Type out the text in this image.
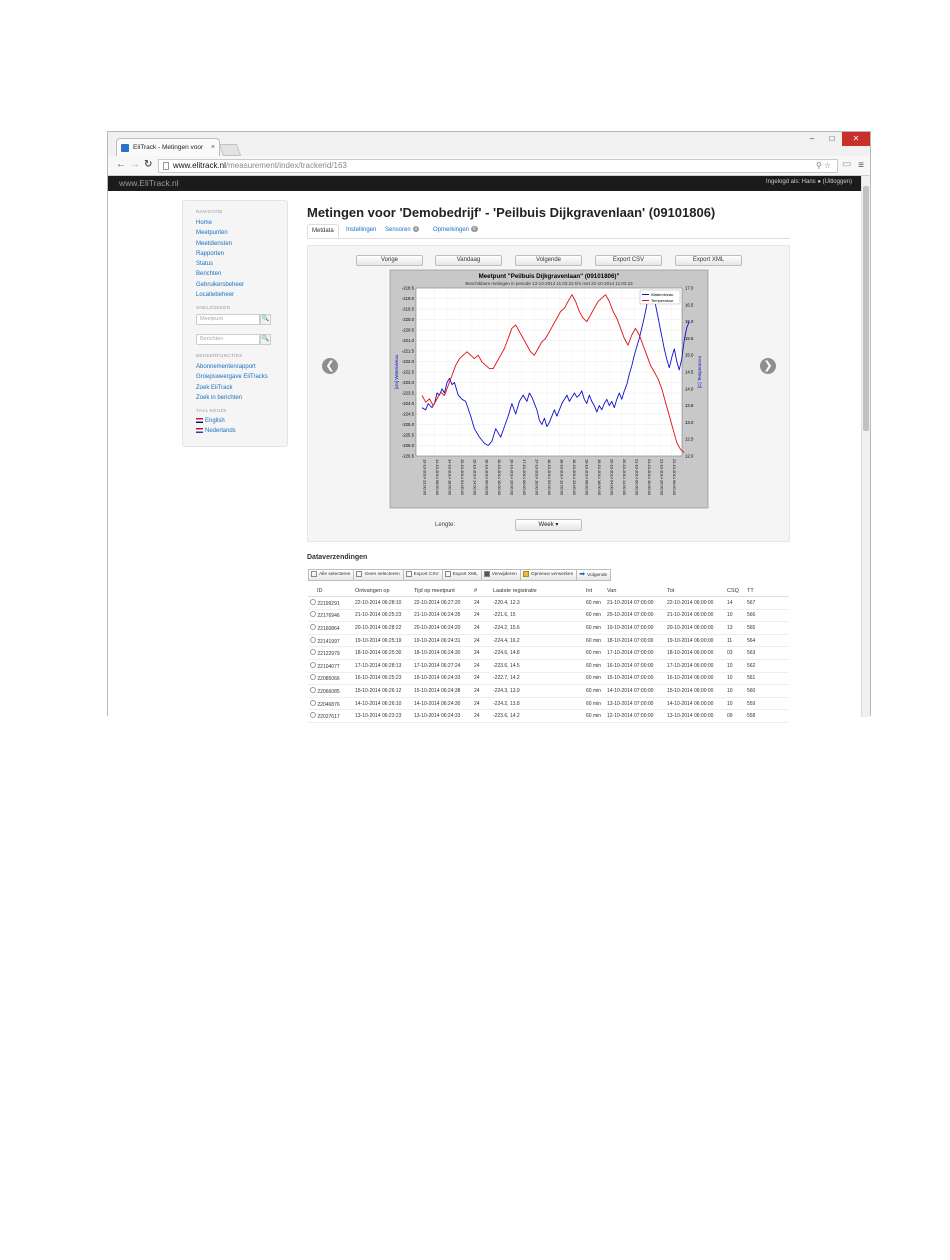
EliTrack - Metingen voor ×
–	□	✕
← → ↻	www.elitrack.nl/measurement/index/trackerid/163	⚲☆ ▭ ≡
www.EliTrack.nl	Ingelogd als: Hans ● (Uitloggen)
NAVIGATIE
Home
Meetpunten
Meetdiensten
Rapporten
Status
Berichten
Gebruikersbeheer
Locatiebeheer
SNELZOEKEN
Meetpunt	🔍
Berichten	🔍
BEHEERFUNCTIES
Abonnementenrapport
Groepsweergave EliTracks
Zoek EliTrack
Zoek in berichten
TAAL KEUZE
English
Nederlands
Metingen voor 'Demobedrijf' - 'Peilbuis Dijkgravenlaan' (09101806)
Metdata	Instellingen	Sensoren 2	Opmerkingen 0
Vorige	Vandaag	Volgende	Export CSV	Export XML
❮	❯
Meetpunt "Peilbuis Dijkgravenlaan" (09101806)"
Beschikbare metingen in periode 13-10-2014 11:03:23 t/m met 22-10-2014 11:03:23
[cm] Waterniveau	[C] Temperatuur
-218.5
-219.0
-219.5
-220.0
-220.5
-221.0
-221.5
-222.0
-222.5
-223.0
-223.5
-224.0
-224.5
-225.0
-225.5
-226.0
-226.5
17.0
16.5
16.0
15.5
15.0
14.5
14.0
13.5
13.0
12.5
12.0
13-10-2014 22:00:00 14-10-2014 08:00:00 14-10-2014 18:00:00 15-10-2014 04:00:00 15-10-2014 14:00:00 16-10-2014 00:00:00 16-10-2014 10:00:00 16-10-2014 20:00:00 17-10-2014 06:00:00 17-10-2014 16:00:00 18-10-2014 02:00:00 18-10-2014 12:00:00 18-10-2014 22:00:00 19-10-2014 08:00:00 19-10-2014 18:00:00 20-10-2014 04:00:00 20-10-2014 14:00:00 21-10-2014 00:00:00 21-10-2014 10:00:00 21-10-2014 20:00:00 22-10-2014 06:00:00
Waterniveau
Temperatuur
Lengte:	Week ▾
Dataverzendingen
Alle selecteren	Geen selecteren	Export CSV	Export XML	Verwijderen	Opnieuw verwerken ➡ Volgende
ID	Ontvangen op	Tijd op meetpunt	#	Laatste registratie	Int	Van	Tot	CSQ	TT
22199291	22-10-2014 06:28:10	22-10-2014 06:27:20	24	-220.4, 12.3	60 min	21-10-2014 07:00:00	22-10-2014 06:00:00	14	567
22176946	21-10-2014 06:25:23	21-10-2014 06:24:35	24	-221.6, 15	60 min	20-10-2014 07:00:00	21-10-2014 06:00:00	10	566
22160864	20-10-2014 06:28:22	20-10-2014 06:24:20	24	-224.2, 15.6	60 min	19-10-2014 07:00:00	20-10-2014 06:00:00	13	565
22141997	19-10-2014 06:25:19	19-10-2014 06:24:31	24	-224.4, 16.2	60 min	18-10-2014 07:00:00	19-10-2014 06:00:00	11	564
22122979	18-10-2014 06:25:30	18-10-2014 06:24:30	24	-224.6, 14.8	60 min	17-10-2014 07:00:00	18-10-2014 06:00:00	03	563
22104077	17-10-2014 06:28:13	17-10-2014 06:27:24	24	-223.6, 14.5	60 min	16-10-2014 07:00:00	17-10-2014 06:00:00	10	562
22085066	16-10-2014 06:25:23	16-10-2014 06:24:33	24	-222.7, 14.2	60 min	15-10-2014 07:00:00	16-10-2014 06:00:00	10	561
22066085	15-10-2014 06:26:12	15-10-2014 06:24:38	24	-224.3, 13.9	60 min	14-10-2014 07:00:00	15-10-2014 06:00:00	10	560
22046876	14-10-2014 06:26:10	14-10-2014 06:24:30	24	-224.2, 13.8	60 min	13-10-2014 07:00:00	14-10-2014 06:00:00	10	559
22027617	13-10-2014 06:23:23	13-10-2014 06:24:33	24	-223.6, 14.2	60 min	12-10-2014 07:00:00	13-10-2014 06:00:00	09	558
